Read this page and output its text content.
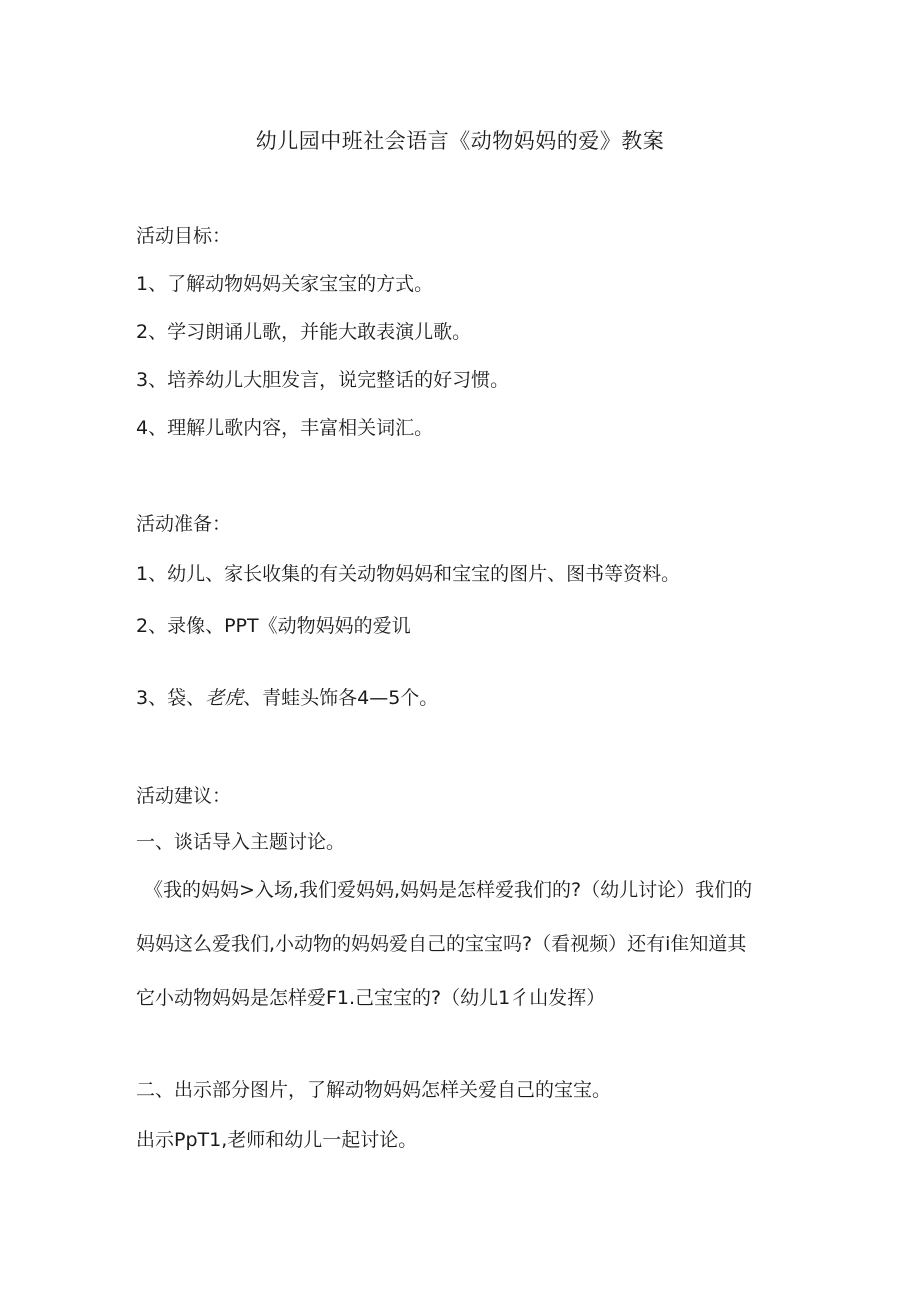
幼儿园中班社会语言《动物妈妈的爱》教案
活动目标：
1、了解动物妈妈关家宝宝的方式。
2、学习朗诵儿歌，并能大敢表演儿歌。
3、培养幼儿大胆发言，说完整话的好习惯。
4、理解儿歌内容，丰富相关词汇。
活动准备：
1、幼儿、家长收集的有关动物妈妈和宝宝的图片、图书等资料。
2、录像、PPT《动物妈妈的爱讥
3、袋、老虎、青蛙头饰各4—5个。
活动建议：
一、谈话导入主题讨论。
《我的妈妈>入场,我们爱妈妈,妈妈是怎样爱我们的?（幼儿讨论）我们的
妈妈这么爱我们,小动物的妈妈爱自己的宝宝吗?（看视频）还有i隹知道其
它小动物妈妈是怎样爱F1.己宝宝的?（幼儿1彳山发挥）
二、出示部分图片，了解动物妈妈怎样关爱自己的宝宝。
出示PpT1,老师和幼儿一起讨论。
